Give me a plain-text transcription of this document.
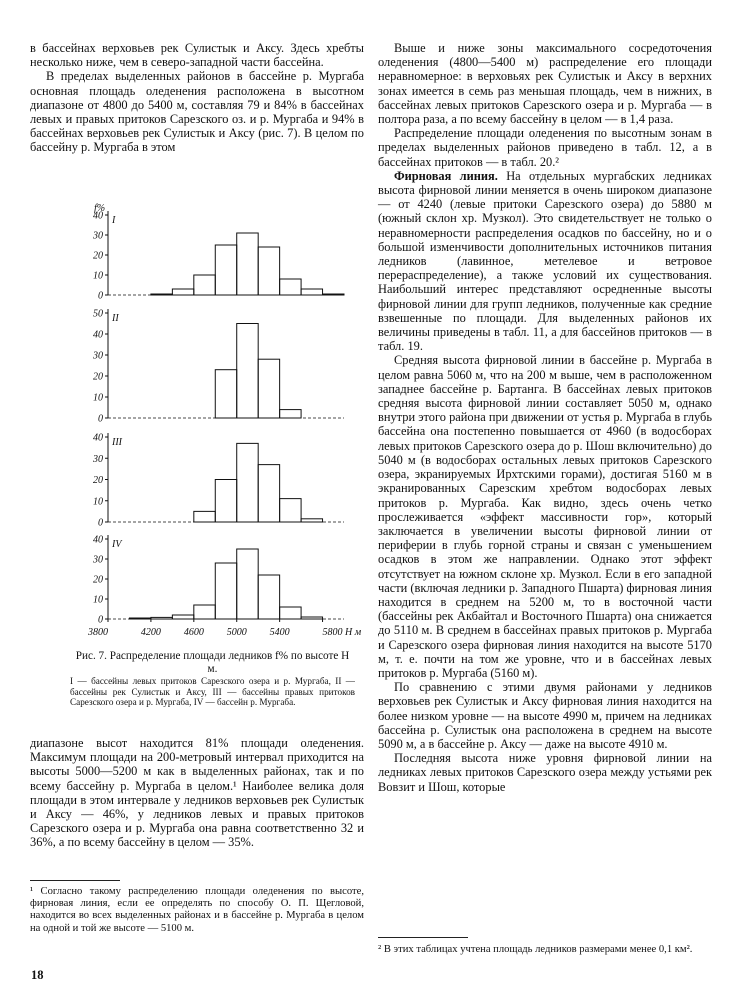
в бассейнах верховьев рек Сулистык и Аксу. Здесь хребты несколько ниже, чем в северо-западной части бассейна.

В пределах выделенных районов в бассейне р. Мургаба основная площадь оледенения расположена в высотном диапазоне от 4800 до 5400 м, составляя 79 и 84% в бассейнах левых и правых притоков Сарезского оз. и р. Мургаба и 94% в бассейнах верховьев рек Сулистык и Аксу (рис. 7). В целом по бассейну р. Мургаба в этом

0
10
20
30
40 I
f%
0
10
20
30
40
50 II
0
10
20
30
40 III
0
10
20
30
40 IV
3800	4200 4600 5000 5400	5800 Н м
Рис. 7. Распределение площади ледников f% по высоте H м.
I — бассейны левых притоков Сарезского озера и р. Мургаба, II — бассейны рек Сулистык и Аксу, III — бассейны правых притоков Сарезского озера и р. Мургаба, IV — бассейн р. Мургаба.

диапазоне высот находится 81% площади оледенения. Максимум площади на 200-метровый интервал приходится на высоты 5000—5200 м как в выделенных районах, так и по всему бассейну р. Мургаба в целом.¹ Наиболее велика доля площади в этом интервале у ледников верховьев рек Сулистык и Аксу — 46%, у ледников левых и правых притоков Сарезского озера и р. Мургаба она равна соответственно 32 и 36%, а по всему бассейну в целом — 35%.

¹ Согласно такому распределению площади оледенения по высоте, фирновая линия, если ее определять по способу О. П. Щегловой, находится во всех выделенных районах и в бассейне р. Мургаба в целом на одной и той же высоте — 5100 м.
18

Выше и ниже зоны максимального сосредоточения оледенения (4800—5400 м) распределение его площади неравномерное: в верховьях рек Сулистык и Аксу в верхних зонах имеется в семь раз меньшая площадь, чем в нижних, в бассейнах левых притоков Сарезского озера и р. Мургаба — в полтора раза, а по всему бассейну в целом — в 1,4 раза.

Распределение площади оледенения по высотным зонам в пределах выделенных районов приведено в табл. 12, а в бассейнах притоков — в табл. 20.²

Фирновая линия. На отдельных мургабских ледниках высота фирновой линии меняется в очень широком диапазоне — от 4240 (левые притоки Сарезского озера) до 5880 м (южный склон хр. Музкол). Это свидетельствует не только о неравномерности распределения осадков по бассейну, но и о большой изменчивости дополнительных источников питания ледников (лавинное, метелевое и ветровое перераспределение), а также условий их существования. Наибольший интерес представляют осредненные высоты фирновой линии для групп ледников, полученные как средние взвешенные по площади. Для выделенных районов их величины приведены в табл. 11, а для бассейнов притоков — в табл. 19.

Средняя высота фирновой линии в бассейне р. Мургаба в целом равна 5060 м, что на 200 м выше, чем в расположенном западнее бассейне р. Бартанга. В бассейнах левых притоков средняя высота фирновой линии составляет 5050 м, однако внутри этого района при движении от устья р. Мургаба в глубь бассейна она постепенно повышается от 4960 (в водосборах левых притоков Сарезского озера до р. Шош включительно) до 5040 м (в водосборах остальных левых притоков Сарезского озера, экранируемых Ирхтскими горами), достигая 5160 м в экранированных Сарезским хребтом водосборах левых притоков р. Мургаба. Как видно, здесь очень четко прослеживается «эффект массивности гор», который заключается в увеличении высоты фирновой линии от периферии в глубь горной страны и связан с уменьшением осадков в этом же направлении. Однако этот эффект отсутствует на южном склоне хр. Музкол. Если в его западной части (включая ледники р. Западного Пшарта) фирновая линия находится в среднем на 5200 м, то в восточной части (бассейны рек Акбайтал и Восточного Пшарта) она снижается до 5110 м. В среднем в бассейнах правых притоков р. Мургаба и Сарезского озера фирновая линия находится на высоте 5170 м, т. е. почти на том же уровне, что и в бассейнах левых притоков р. Мургаба (5160 м).

По сравнению с этими двумя районами у ледников верховьев рек Сулистык и Аксу фирновая линия находится на более низком уровне — на высоте 4990 м, причем на ледниках бассейна р. Сулистык она расположена в среднем на высоте 5090 м, а в бассейне р. Аксу — даже на высоте 4910 м.

Последняя высота ниже уровня фирновой линии на ледниках левых притоков Сарезского озера между устьями рек Вовзит и Шош, которые

² В этих таблицах учтена площадь ледников размерами менее 0,1 км².
